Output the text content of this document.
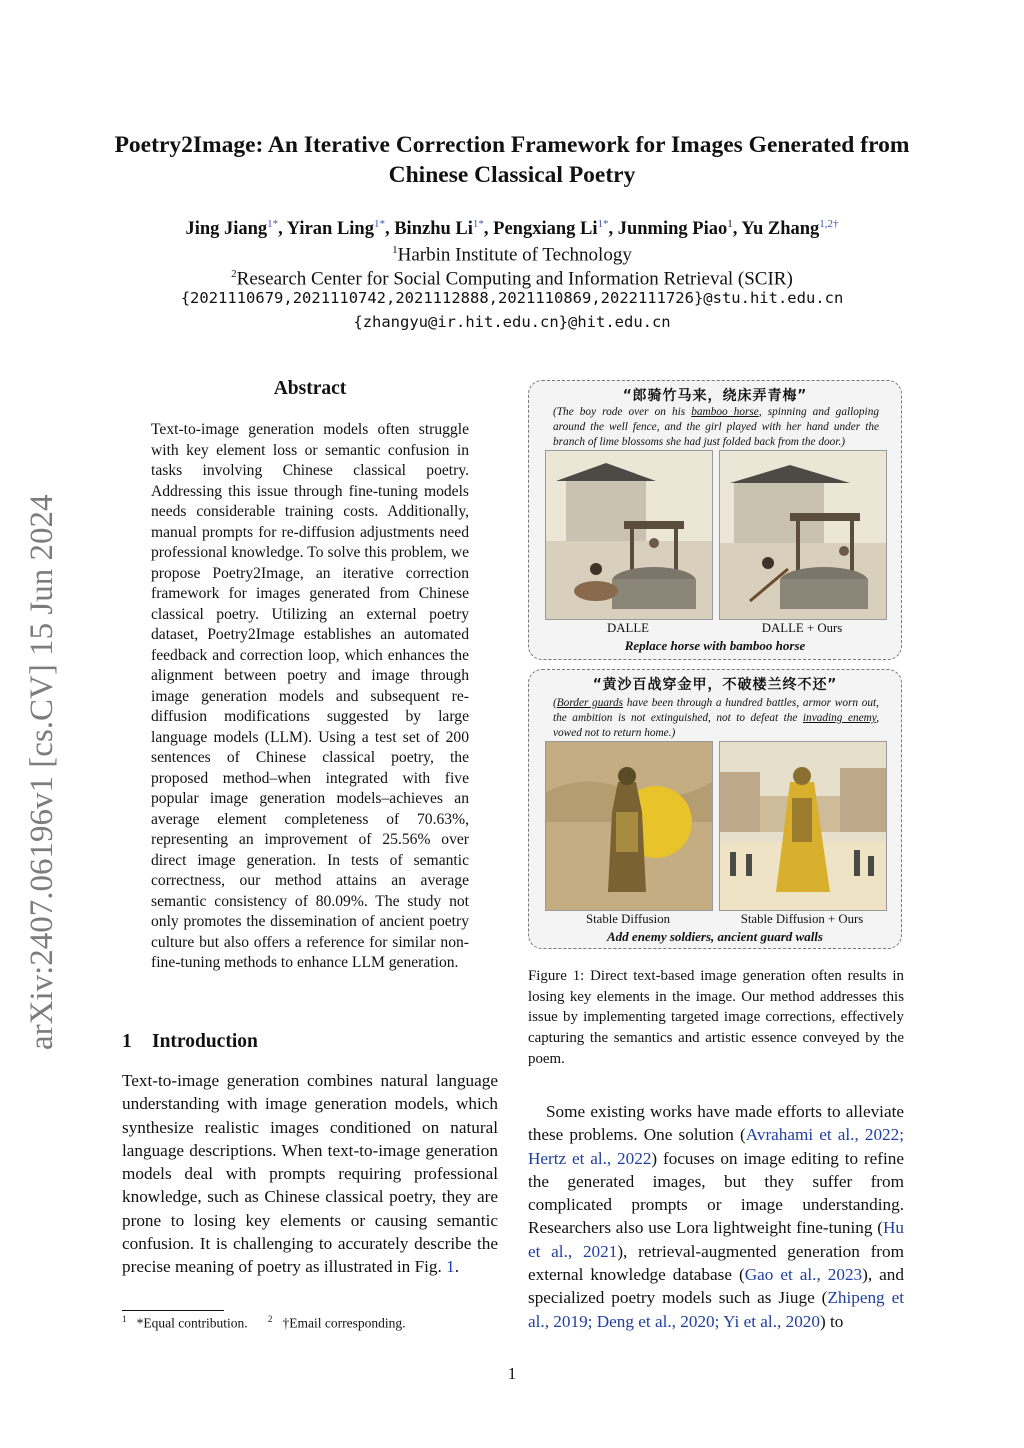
Poetry2Image: An Iterative Correction Framework for Images Generated from Chinese Classical Poetry
Jing Jiang$^{1*}$, Yiran Ling$^{1*}$, Binzhu $Li^{1*}$, Pengxiang $Li^{1*}$, Junming Piao$^1$, Yu Zhang$^{1,2\dagger}$
$^1$Harbin Institute of Technology
$^2$Research Center for Social Computing and Information Retrieval (SCIR)
{2021110679,2021110742,2021112888,2021110869,2022111726}@stu.hit.edu.cn
{zhangyu@ir.hit.edu.cn}@hit.edu.cn
arXiv:2407.06196v1 [cs.CV] 15 Jun 2024
Abstract
Text-to-image generation models often struggle with key element loss or semantic confusion in tasks involving Chinese classical poetry. Addressing this issue through fine-tuning models needs considerable training costs. Additionally, manual prompts for re-diffusion adjustments need professional knowledge. To solve this problem, we propose Poetry2Image, an iterative correction framework for images generated from Chinese classical poetry. Utilizing an external poetry dataset, Poetry2Image establishes an automated feedback and correction loop, which enhances the alignment between poetry and image through image generation models and subsequent re-diffusion modifications suggested by large language models (LLM). Using a test set of 200 sentences of Chinese classical poetry, the proposed method–when integrated with five popular image generation models–achieves an average element completeness of 70.63%, representing an improvement of 25.56% over direct image generation. In tests of semantic correctness, our method attains an average semantic consistency of 80.09%. The study not only promotes the dissemination of ancient poetry culture but also offers a reference for similar non-fine-tuning methods to enhance LLM generation.
1 Introduction
Text-to-image generation combines natural language understanding with image generation models, which synthesize realistic images conditioned on natural language descriptions. When text-to-image generation models deal with prompts requiring professional knowledge, such as Chinese classical poetry, they are prone to losing key elements or causing semantic confusion. It is challenging to accurately describe the precise meaning of poetry as illustrated in Fig. 1.
$^1$ *Equal contribution. $^2$ †Email corresponding.
“郎骑竹马来，绕床弄青梅”
(The boy rode over on his bamboo horse, spinning and galloping around the well fence, and the girl played with her hand under the branch of lime blossoms she had just folded back from the door.)
DALLE	DALLE + Ours
Replace horse with bamboo horse
“黄沙百战穿金甲，不破楼兰终不还”
(Border guards have been through a hundred battles, armor worn out, the ambition is not extinguished, not to defeat the invading enemy, vowed not to return home.)
Stable Diffusion	Stable Diffusion + Ours
Add enemy soldiers, ancient guard walls
Figure 1: Direct text-based image generation often results in losing key elements in the image. Our method addresses this issue by implementing targeted image corrections, effectively capturing the semantics and artistic essence conveyed by the poem.
Some existing works have made efforts to alleviate these problems. One solution (Avrahami et al., 2022; Hertz et al., 2022) focuses on image editing to refine the generated images, but they suffer from complicated prompts or image understanding. Researchers also use Lora lightweight fine-tuning (Hu et al., 2021), retrieval-augmented generation from external knowledge database (Gao et al., 2023), and specialized poetry models such as Jiuge (Zhipeng et al., 2019; Deng et al., 2020; Yi et al., 2020) to
1
